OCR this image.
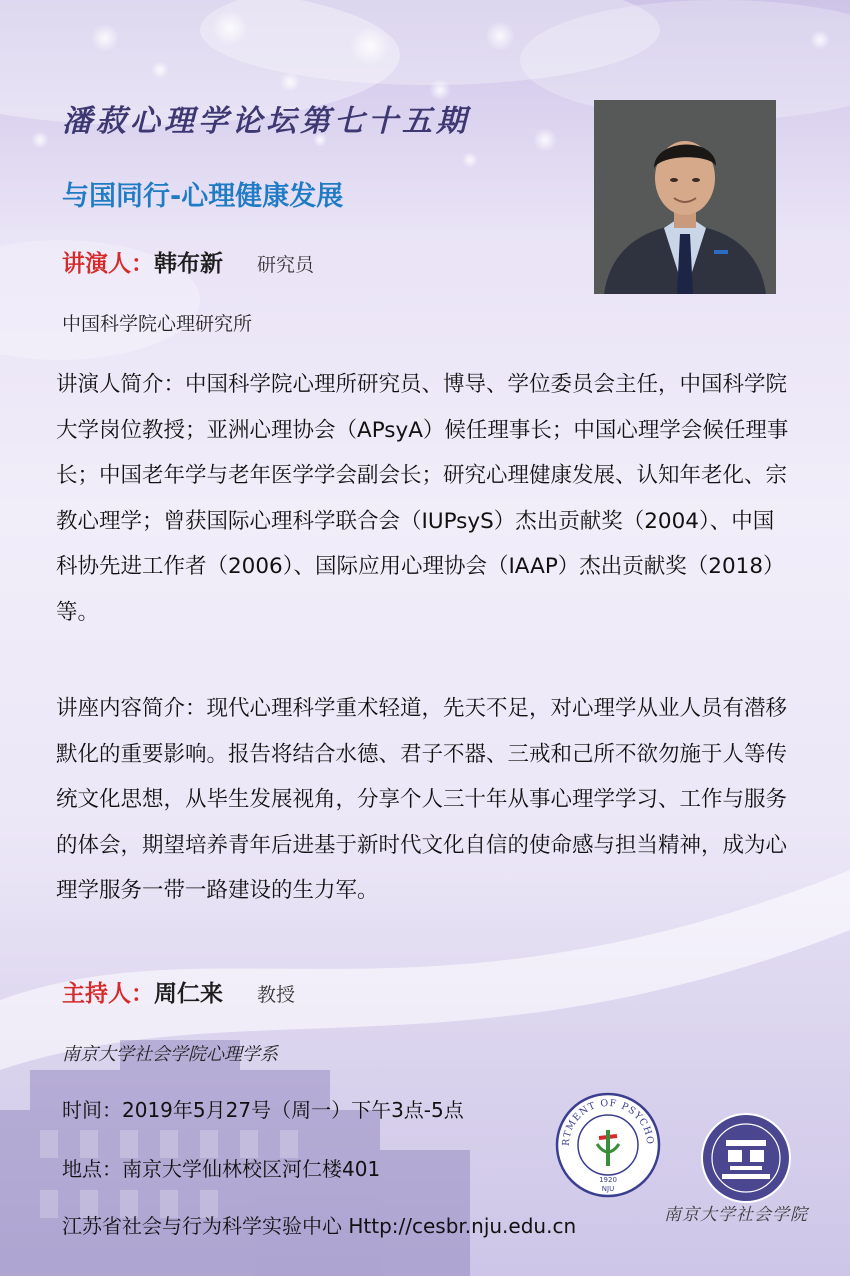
潘菽心理学论坛第七十五期
与国同行-心理健康发展
讲演人：韩布新 研究员
中国科学院心理研究所

讲演人简介：中国科学院心理所研究员、博导、学位委员会主任，中国科学院大学岗位教授；亚洲心理协会（APsyA）候任理事长；中国心理学会候任理事长；中国老年学与老年医学学会副会长；研究心理健康发展、认知年老化、宗教心理学；曾获国际心理科学联合会（IUPsyS）杰出贡献奖（2004）、中国科协先进工作者（2006）、国际应用心理协会（IAAP）杰出贡献奖（2018）等。

讲座内容简介：现代心理科学重术轻道，先天不足，对心理学从业人员有潜移默化的重要影响。报告将结合水德、君子不器、三戒和己所不欲勿施于人等传统文化思想，从毕生发展视角，分享个人三十年从事心理学学习、工作与服务的体会，期望培养青年后进基于新时代文化自信的使命感与担当精神，成为心理学服务一带一路建设的生力军。

主持人：周仁来 教授
南京大学社会学院心理学系
时间：2019年5月27号（周一）下午3点-5点
地点：南京大学仙林校区河仁楼401
江苏省社会与行为科学实验中心 Http://cesbr.nju.edu.cn
RTMENT OF PSYCHO
1920
NJU
南京大学社会学院
